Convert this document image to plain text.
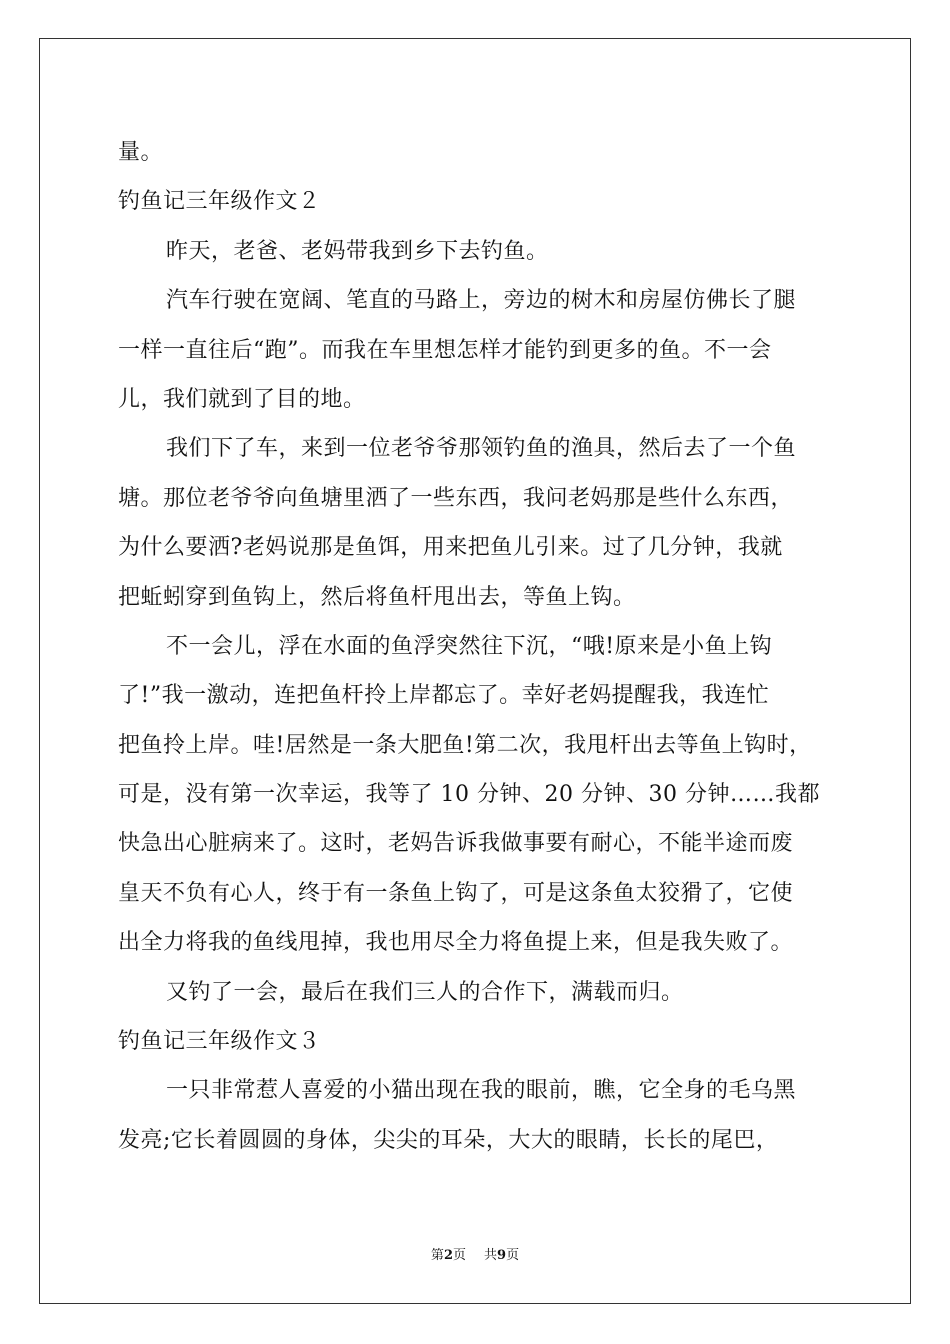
量。
钓鱼记三年级作文２
昨天，老爸、老妈带我到乡下去钓鱼。
汽车行驶在宽阔、笔直的马路上，旁边的树木和房屋仿佛长了腿
一样一直往后“跑”。而我在车里想怎样才能钓到更多的鱼。不一会
儿，我们就到了目的地。
我们下了车，来到一位老爷爷那领钓鱼的渔具，然后去了一个鱼
塘。那位老爷爷向鱼塘里洒了一些东西，我问老妈那是些什么东西，
为什么要洒?老妈说那是鱼饵，用来把鱼儿引来。过了几分钟，我就
把蚯蚓穿到鱼钩上，然后将鱼杆甩出去，等鱼上钩。
不一会儿，浮在水面的鱼浮突然往下沉，“哦!原来是小鱼上钩
了!”我一激动，连把鱼杆拎上岸都忘了。幸好老妈提醒我，我连忙
把鱼拎上岸。哇!居然是一条大肥鱼!第二次，我甩杆出去等鱼上钩时，
可是，没有第一次幸运，我等了 10 分钟、20 分钟、30 分钟……我都
快急出心脏病来了。这时，老妈告诉我做事要有耐心，不能半途而废
皇天不负有心人，终于有一条鱼上钩了，可是这条鱼太狡猾了，它使
出全力将我的鱼线甩掉，我也用尽全力将鱼提上来，但是我失败了。
又钓了一会，最后在我们三人的合作下，满载而归。
钓鱼记三年级作文３
一只非常惹人喜爱的小猫出现在我的眼前，瞧，它全身的毛乌黑
发亮;它长着圆圆的身体，尖尖的耳朵，大大的眼睛，长长的尾巴，
第2页 共9页
